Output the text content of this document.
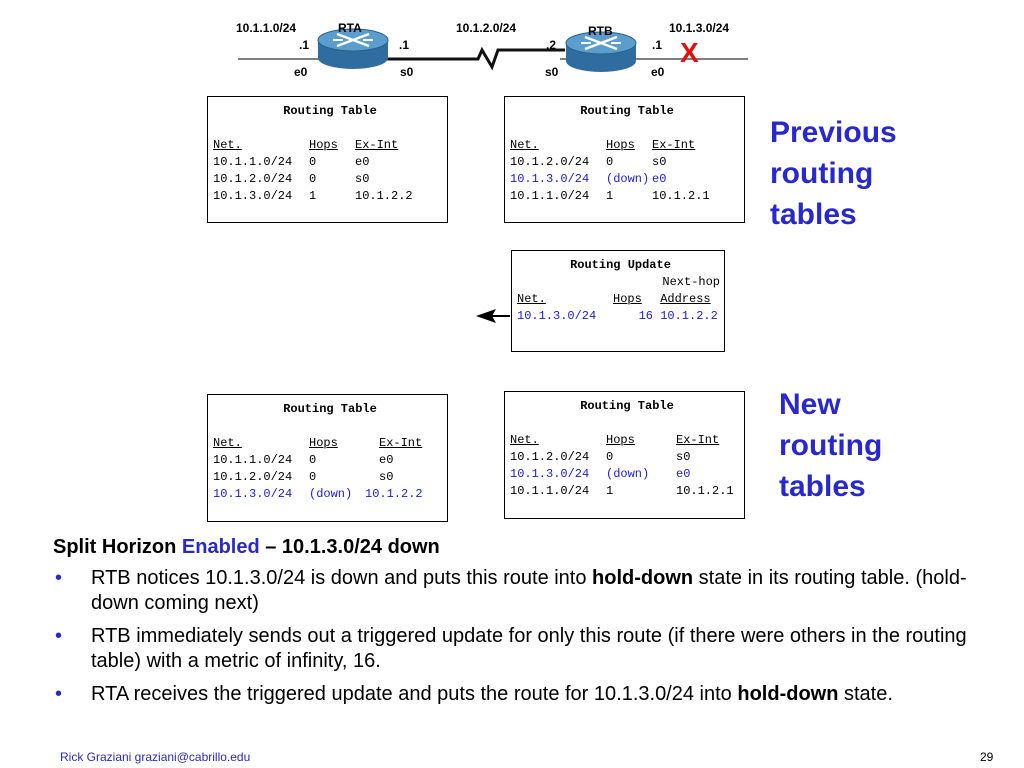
10.1.1.0/24	RTA	10.1.2.0/24	RTB	10.1.3.0/24
.1	.1	.2	.1
e0	s0	s0	e0
X
Routing Table

Net.	Hops Ex-Int
10.1.1.0/24 0	e0
10.1.2.0/24 0	s0
10.1.3.0/24 1	10.1.2.2
Routing Table

Net.	Hops Ex-Int
10.1.2.0/24 0	s0
10.1.3.0/24 (down) e0
10.1.1.0/24 1	10.1.2.1
Previous
routing
tables
Routing Update
Next-hop
Net.	Hops Address
10.1.3.0/24	16 10.1.2.2
Routing Table

Net.	Hops	Ex-Int
10.1.1.0/24 0	e0
10.1.2.0/24 0	s0
10.1.3.0/24 (down) 10.1.2.2
Routing Table

Net.	Hops	Ex-Int
10.1.2.0/24 0	s0
10.1.3.0/24 (down) e0
10.1.1.0/24 1	10.1.2.1
New
routing
tables
Split Horizon Enabled – 10.1.3.0/24 down
• RTB notices 10.1.3.0/24 is down and puts this route into hold-down state in its routing table. (hold-down coming next)
• RTB immediately sends out a triggered update for only this route (if there were others in the routing table) with a metric of infinity, 16.
• RTA receives the triggered update and puts the route for 10.1.3.0/24 into hold-down state.
Rick Graziani graziani@cabrillo.edu	29
